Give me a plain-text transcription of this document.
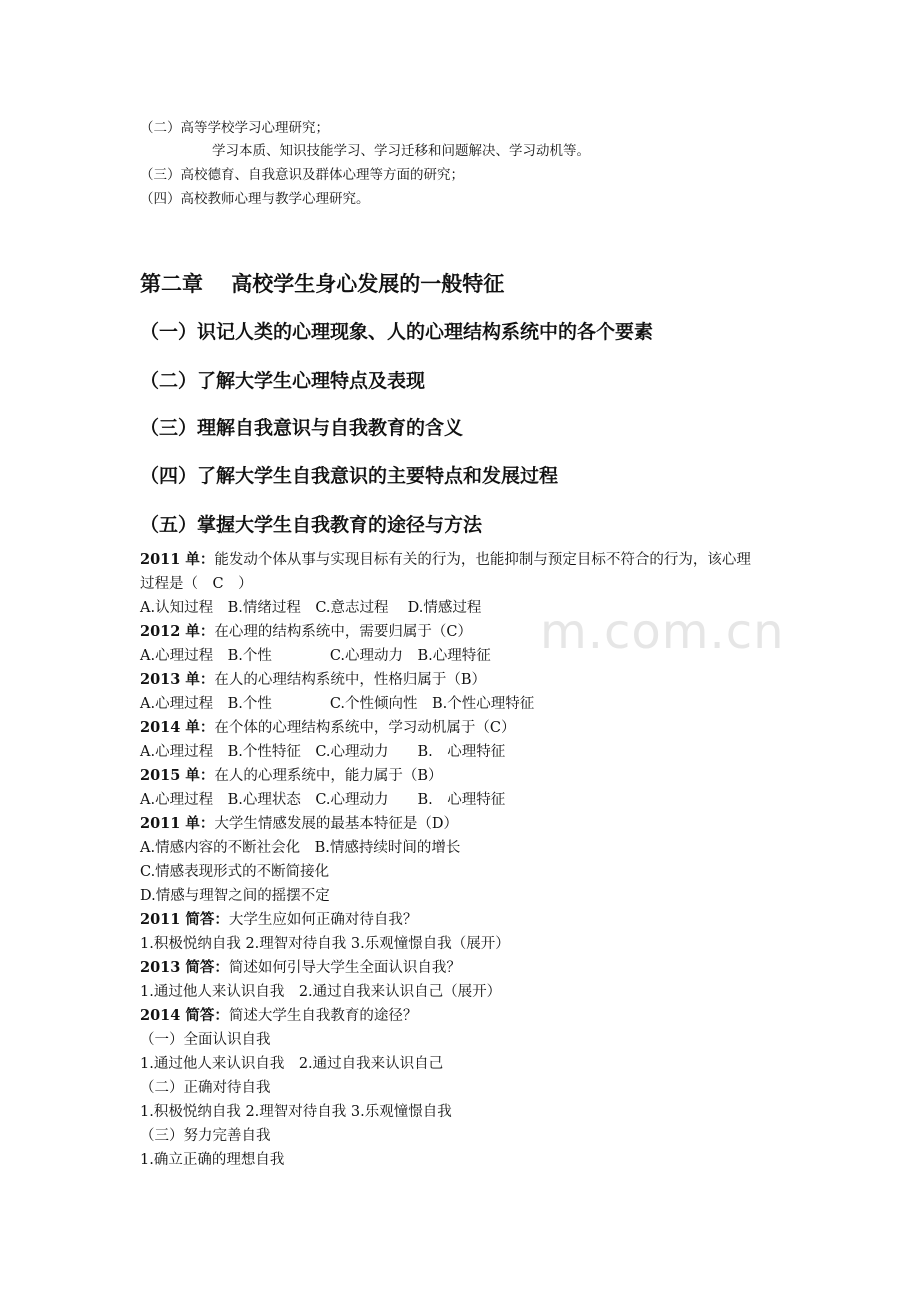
m.com.cn
（二）高等学校学习心理研究；
学习本质、知识技能学习、学习迁移和问题解决、学习动机等。
（三）高校德育、自我意识及群体心理等方面的研究；
（四）高校教师心理与教学心理研究。
第二章　 高校学生身心发展的一般特征
（一）识记人类的心理现象、人的心理结构系统中的各个要素
（二）了解大学生心理特点及表现
（三）理解自我意识与自我教育的含义
（四）了解大学生自我意识的主要特点和发展过程
（五）掌握大学生自我教育的途径与方法
2011 单：能发动个体从事与实现目标有关的行为，也能抑制与预定目标不符合的行为，该心理
过程是（　C　）
A.认知过程　B.情绪过程　C.意志过程　 D.情感过程
2012 单：在心理的结构系统中，需要归属于（C）
A.心理过程　B.个性　　　　C.心理动力　B.心理特征
2013 单：在人的心理结构系统中，性格归属于（B）
A.心理过程　B.个性　　　　C.个性倾向性　B.个性心理特征
2014 单：在个体的心理结构系统中，学习动机属于（C）
A.心理过程　B.个性特征　C.心理动力　　B.　心理特征
2015 单：在人的心理系统中，能力属于（B）
A.心理过程　B.心理状态　C.心理动力　　B.　心理特征
2011 单：大学生情感发展的最基本特征是（D）
A.情感内容的不断社会化　B.情感持续时间的增长
C.情感表现形式的不断简接化
D.情感与理智之间的摇摆不定
2011 简答：大学生应如何正确对待自我？
1.积极悦纳自我 2.理智对待自我 3.乐观憧憬自我（展开）
2013 简答：简述如何引导大学生全面认识自我？
1.通过他人来认识自我　2.通过自我来认识自己（展开）
2014 简答：简述大学生自我教育的途径？
（一）全面认识自我
1.通过他人来认识自我　2.通过自我来认识自己
（二）正确对待自我
1.积极悦纳自我 2.理智对待自我 3.乐观憧憬自我
（三）努力完善自我
1.确立正确的理想自我
